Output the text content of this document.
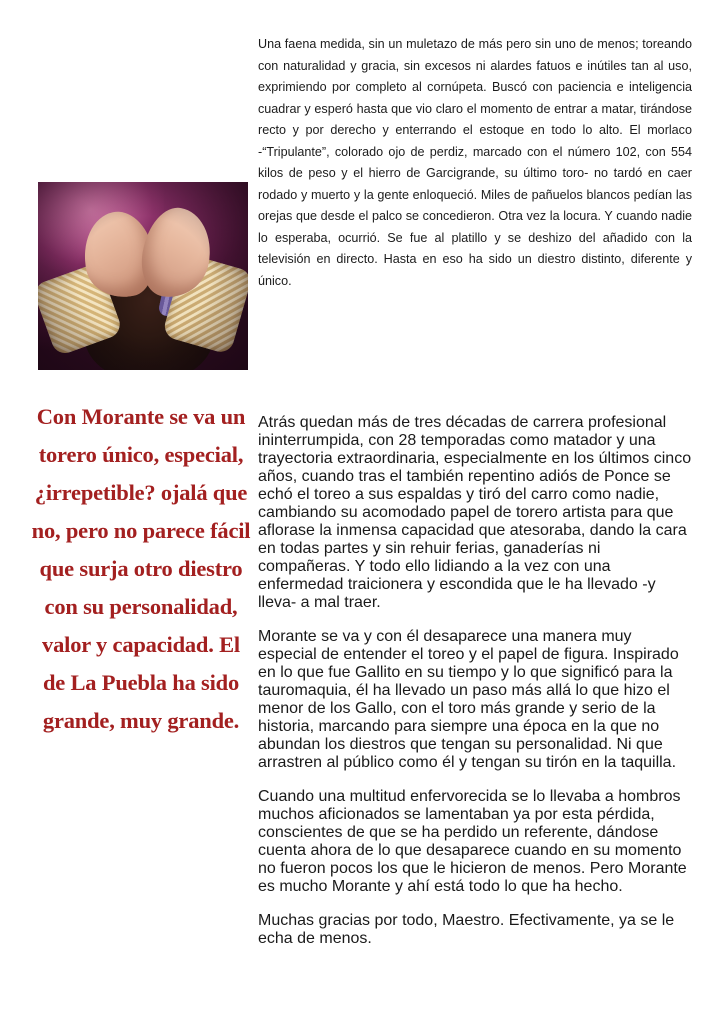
Con Morante se va un torero único, especial, ¿irrepetible? ojalá que no, pero no parece fácil que surja otro diestro con su personalidad, valor y capacidad. El de La Puebla ha sido grande, muy grande.

Una faena medida, sin un muletazo de más pero sin uno de menos; toreando con naturalidad y gracia, sin excesos ni alardes fatuos e inútiles tan al uso, exprimiendo por completo al cornúpeta. Buscó con paciencia e inteligencia cuadrar y esperó hasta que vio claro el momento de entrar a matar, tirándose recto y por derecho y enterrando el estoque en todo lo alto. El morlaco -“Tripulante”, colorado ojo de perdiz, marcado con el número 102, con 554 kilos de peso y el hierro de Garcigrande, su último toro- no tardó en caer rodado y muerto y la gente enloqueció. Miles de pañuelos blancos pedían las orejas que desde el palco se concedieron. Otra vez la locura. Y cuando nadie lo esperaba, ocurrió. Se fue al platillo y se deshizo del añadido con la televisión en directo. Hasta en eso ha sido un diestro distinto, diferente y único.

Atrás quedan más de tres décadas de carrera profesional ininterrumpida, con 28 temporadas como matador y una trayectoria extraordinaria, especialmente en los últimos cinco años, cuando tras el también repentino adiós de Ponce se echó el toreo a sus espaldas y tiró del carro como nadie, cambiando su acomodado papel de torero artista para que aflorase la inmensa capacidad que atesoraba, dando la cara en todas partes y sin rehuir ferias, ganaderías ni compañeras. Y todo ello lidiando a la vez con una enfermedad traicionera y escondida que le ha llevado -y lleva- a mal traer.

Morante se va y con él desaparece una manera muy especial de entender el toreo y el papel de figura. Inspirado en lo que fue Gallito en su tiempo y lo que significó para la tauromaquia, él ha llevado un paso más allá lo que hizo el menor de los Gallo, con el toro más grande y serio de la historia, marcando para siempre una época en la que no abundan los diestros que tengan su personalidad. Ni que arrastren al público como él y tengan su tirón en la taquilla.

Cuando una multitud enfervorecida se lo llevaba a hombros muchos aficionados se lamentaban ya por esta pérdida, conscientes de que se ha perdido un referente, dándose cuenta ahora de lo que desaparece cuando en su momento no fueron pocos los que le hicieron de menos. Pero Morante es mucho Morante y ahí está todo lo que ha hecho.

Muchas gracias por todo, Maestro. Efectivamente, ya se le echa de menos.
